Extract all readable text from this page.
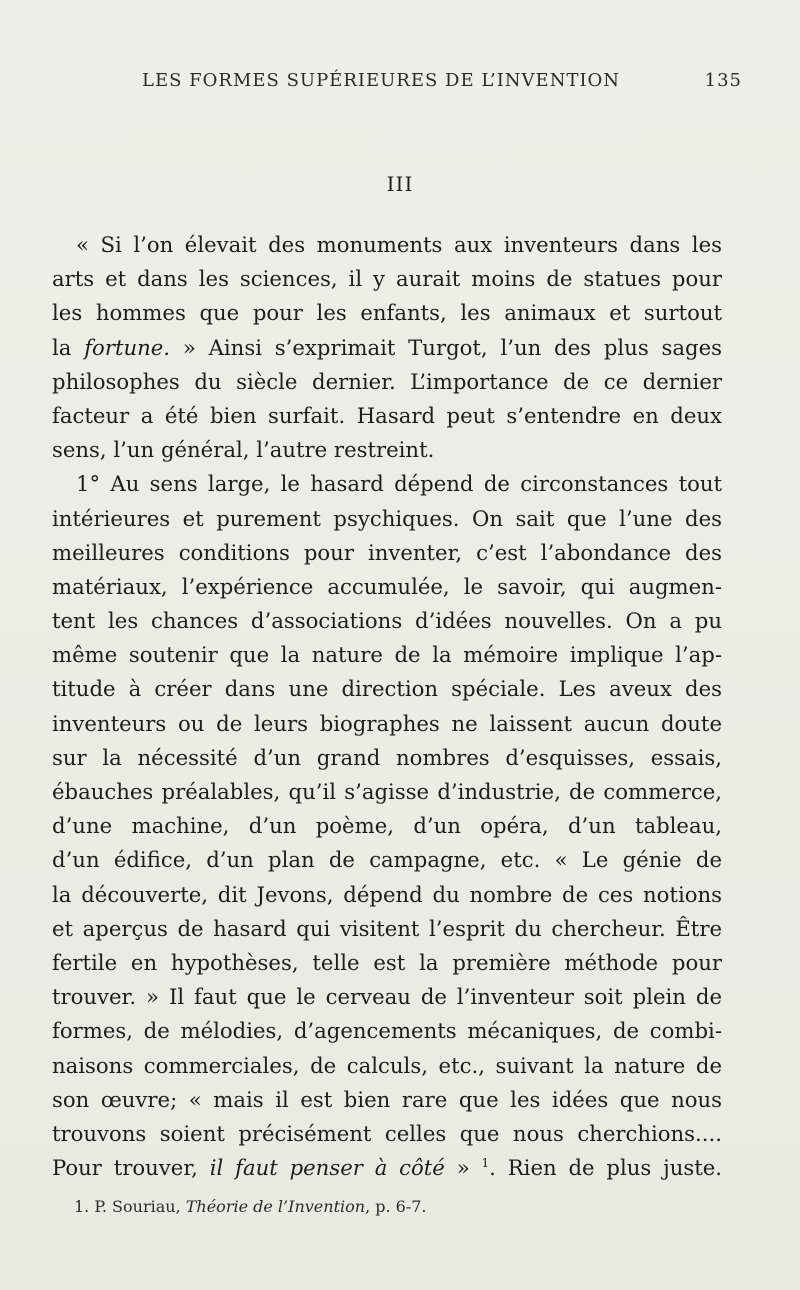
LES FORMES SUPÉRIEURES DE L’INVENTION	135
III
« Si l’on élevait des monuments aux inventeurs dans les
arts et dans les sciences, il y aurait moins de statues pour
les hommes que pour les enfants, les animaux et surtout
la fortune. » Ainsi s’exprimait Turgot, l’un des plus sages
philosophes du siècle dernier. L’importance de ce dernier
facteur a été bien surfait. Hasard peut s’entendre en deux
sens, l’un général, l’autre restreint.
1° Au sens large, le hasard dépend de circonstances tout
intérieures et purement psychiques. On sait que l’une des
meilleures conditions pour inventer, c’est l’abondance des
matériaux, l’expérience accumulée, le savoir, qui augmen-
tent les chances d’associations d’idées nouvelles. On a pu
même soutenir que la nature de la mémoire implique l’ap-
titude à créer dans une direction spéciale. Les aveux des
inventeurs ou de leurs biographes ne laissent aucun doute
sur la nécessité d’un grand nombres d’esquisses, essais,
ébauches préalables, qu’il s’agisse d’industrie, de commerce,
d’une machine, d’un poème, d’un opéra, d’un tableau,
d’un édifice, d’un plan de campagne, etc. « Le génie de
la découverte, dit Jevons, dépend du nombre de ces notions
et aperçus de hasard qui visitent l’esprit du chercheur. Être
fertile en hypothèses, telle est la première méthode pour
trouver. » Il faut que le cerveau de l’inventeur soit plein de
formes, de mélodies, d’agencements mécaniques, de combi-
naisons commerciales, de calculs, etc., suivant la nature de
son œuvre; « mais il est bien rare que les idées que nous
trouvons soient précisément celles que nous cherchions....
Pour trouver, il faut penser à côté » $^1$. Rien de plus juste.
1. P. Souriau, Théorie de l’Invention, p. 6-7.
